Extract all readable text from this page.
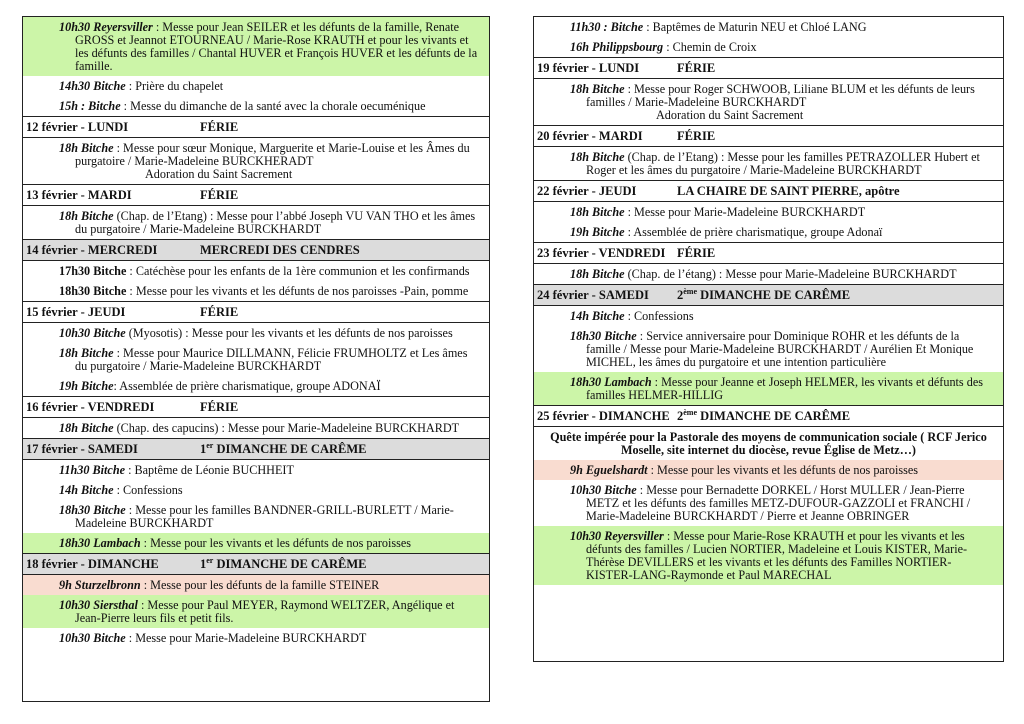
10h30 Reyersviller : Messe pour Jean SEILER et les défunts de la famille, Renate GROSS et Jeannot ETOURNEAU / Marie-Rose KRAUTH et pour les vivants et les défunts des familles / Chantal HUVER et François HUVER et les défunts de la famille.
14h30 Bitche : Prière du chapelet
15h : Bitche : Messe du dimanche de la santé avec la chorale oecuménique
12 février - LUNDI	FÉRIE
18h Bitche : Messe pour sœur Monique, Marguerite et Marie-Louise et les Âmes du purgatoire / Marie-Madeleine BURCKHERADT
Adoration du Saint Sacrement
13 février - MARDI	FÉRIE
18h Bitche (Chap. de l’Etang) : Messe pour l’abbé Joseph VU VAN THO et les âmes du purgatoire / Marie-Madeleine BURCKHARDT
14 février - MERCREDI	MERCREDI DES CENDRES
17h30 Bitche : Catéchèse pour les enfants de la 1ère communion et les confirmands
18h30 Bitche : Messe pour les vivants et les défunts de nos paroisses -Pain, pomme
15 février - JEUDI	FÉRIE
10h30 Bitche (Myosotis) : Messe pour les vivants et les défunts de nos paroisses
18h Bitche : Messe pour Maurice DILLMANN, Félicie FRUMHOLTZ et Les âmes du purgatoire / Marie-Madeleine BURCKHARDT
19h Bitche: Assemblée de prière charismatique, groupe ADONAÏ
16 février - VENDREDI	FÉRIE
18h Bitche (Chap. des capucins) : Messe pour Marie-Madeleine BURCKHARDT
17 février - SAMEDI	1er DIMANCHE DE CARÊME
11h30 Bitche : Baptême de Léonie BUCHHEIT
14h Bitche : Confessions
18h30 Bitche : Messe pour les familles BANDNER-GRILL-BURLETT / Marie-Madeleine BURCKHARDT
18h30 Lambach : Messe pour les vivants et les défunts de nos paroisses
18 février - DIMANCHE	1er DIMANCHE DE CARÊME
9h Sturzelbronn : Messe pour les défunts de la famille STEINER
10h30 Siersthal : Messe pour Paul MEYER, Raymond WELTZER, Angélique et Jean-Pierre leurs fils et petit fils.
10h30 Bitche : Messe pour Marie-Madeleine BURCKHARDT
11h30 : Bitche : Baptêmes de Maturin NEU et Chloé LANG
16h Philippsbourg : Chemin de Croix
19 février - LUNDI	FÉRIE
18h Bitche : Messe pour Roger SCHWOOB, Liliane BLUM et les défunts de leurs familles / Marie-Madeleine BURCKHARDT
Adoration du Saint Sacrement
20 février - MARDI	FÉRIE
18h Bitche (Chap. de l’Etang) : Messe pour les familles PETRAZOLLER Hubert et Roger et les âmes du purgatoire / Marie-Madeleine BURCKHARDT
22 février - JEUDI	LA CHAIRE DE SAINT PIERRE, apôtre
18h Bitche : Messe pour Marie-Madeleine BURCKHARDT
19h Bitche : Assemblée de prière charismatique, groupe Adonaï
23 février - VENDREDI FÉRIE
18h Bitche (Chap. de l’étang) : Messe pour Marie-Madeleine BURCKHARDT
24 février - SAMEDI 2ème DIMANCHE DE CARÊME
14h Bitche : Confessions
18h30 Bitche : Service anniversaire pour Dominique ROHR et les défunts de la famille / Messe pour Marie-Madeleine BURCKHARDT / Aurélien Et Monique MICHEL, les âmes du purgatoire et une intention particulière
18h30 Lambach : Messe pour Jeanne et Joseph HELMER, les vivants et défunts des familles HELMER-HILLIG
25 février - DIMANCHE 2ème DIMANCHE DE CARÊME
Quête impérée pour la Pastorale des moyens de communication sociale ( RCF Jerico Moselle, site internet du diocèse, revue Église de Metz…)
9h Eguelshardt : Messe pour les vivants et les défunts de nos paroisses
10h30 Bitche : Messe pour Bernadette DORKEL / Horst MULLER / Jean-Pierre METZ et les défunts des familles METZ-DUFOUR-GAZZOLI et FRANCHI / Marie-Madeleine BURCKHARDT / Pierre et Jeanne OBRINGER
10h30 Reyersviller : Messe pour Marie-Rose KRAUTH et pour les vivants et les défunts des familles / Lucien NORTIER, Madeleine et Louis KISTER, Marie-Thérèse DEVILLERS et les vivants et les défunts des Familles NORTIER-KISTER-LANG-Raymonde et Paul MARECHAL
